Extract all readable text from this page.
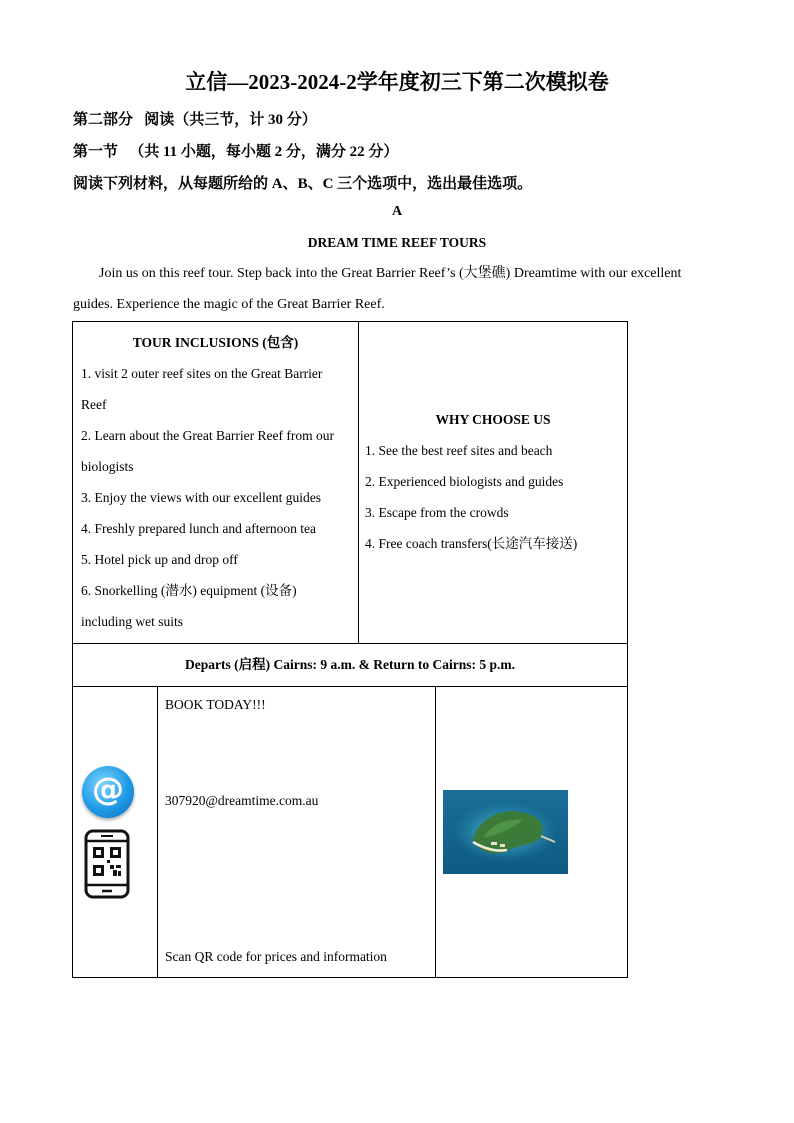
立信—2023-2024-2学年度初三下第二次模拟卷
第二部分   阅读（共三节，计 30 分）
第一节   （共 11 小题，每小题 2 分，满分 22 分）
阅读下列材料，从每题所给的 A、B、C 三个选项中，选出最佳选项。
A
DREAM TIME REEF TOURS
Join us on this reef tour. Step back into the Great Barrier Reef’s (大堡礁) Dreamtime with our excellent guides. Experience the magic of the Great Barrier Reef.
TOUR INCLUSIONS (包含)
1. visit 2 outer reef sites on the Great Barrier Reef
2. Learn about the Great Barrier Reef from our biologists
3. Enjoy the views with our excellent guides
4. Freshly prepared lunch and afternoon tea
5. Hotel pick up and drop off
6. Snorkelling (潜水) equipment (设备) including wet suits
WHY CHOOSE US
1. See the best reef sites and beach
2. Experienced biologists and guides
3. Escape from the crowds
4. Free coach transfers(长途汽车接送)
Departs (启程) Cairns: 9 a.m. & Return to Cairns: 5 p.m.
BOOK TODAY!!!
307920@dreamtime.com.au
Scan QR code for prices and information
@
